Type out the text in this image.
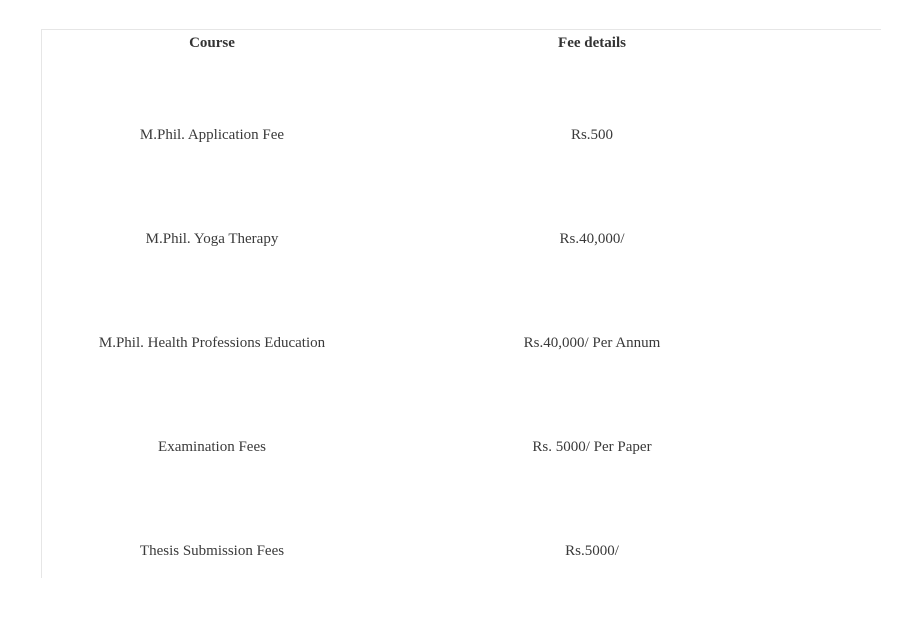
Course	Fee details

M.Phil. Application Fee	Rs.500

M.Phil. Yoga Therapy	Rs.40,000/

M.Phil. Health Professions Education	Rs.40,000/ Per Annum

Examination Fees	Rs. 5000/ Per Paper

Thesis Submission Fees	Rs.5000/
